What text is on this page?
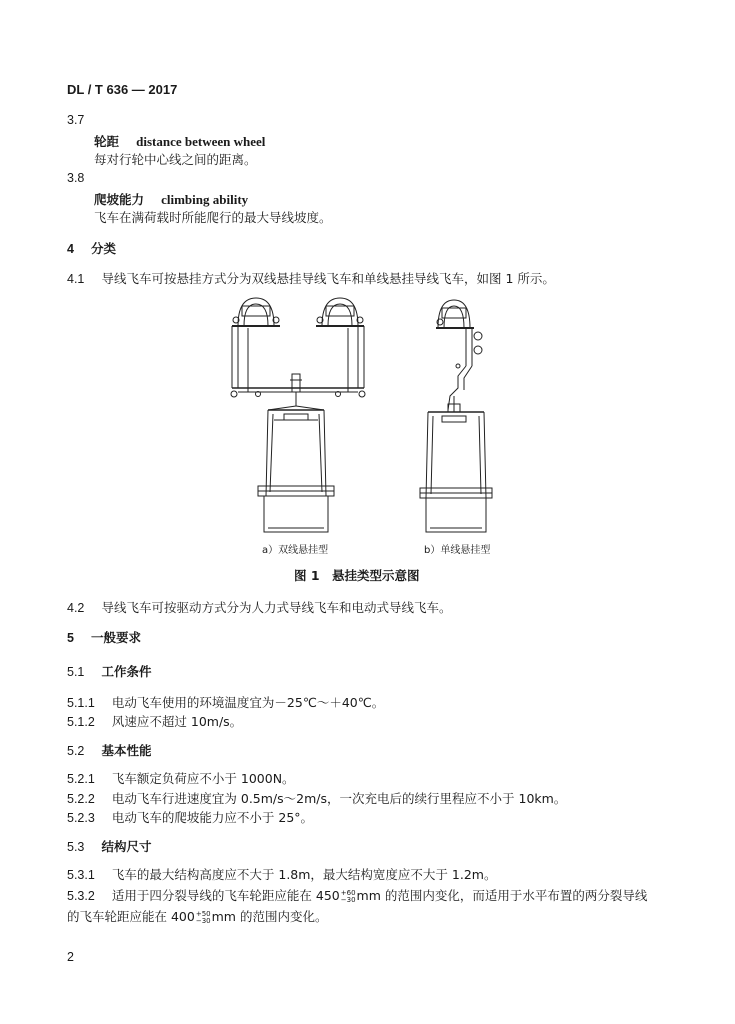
DL / T 636 — 2017
3.7
轮距 distance between wheel
每对行轮中心线之间的距离。
3.8
爬坡能力 climbing ability
飞车在满荷载时所能爬行的最大导线坡度。
4 分类
4.1 导线飞车可按悬挂方式分为双线悬挂导线飞车和单线悬挂导线飞车，如图 1 所示。
a）双线悬挂型	b）单线悬挂型
图 1　悬挂类型示意图
4.2 导线飞车可按驱动方式分为人力式导线飞车和电动式导线飞车。
5 一般要求
5.1 工作条件
5.1.1 电动飞车使用的环境温度宜为－25℃～＋40℃。
5.1.2 风速应不超过 10m/s。
5.2 基本性能
5.2.1 飞车额定负荷应不小于 1000N。
5.2.2 电动飞车行进速度宜为 0.5m/s～2m/s，一次充电后的续行里程应不小于 10km。
5.2.3 电动飞车的爬坡能力应不小于 25°。
5.3 结构尺寸
5.3.1 飞车的最大结构高度应不大于 1.8m，最大结构宽度应不大于 1.2m。
5.3.2 适用于四分裂导线的飞车轮距应能在 450 +60
−30 mm 的范围内变化，而适用于水平布置的两分裂导线
的飞车轮距应能在 400 +50
−30 mm 的范围内变化。
2
